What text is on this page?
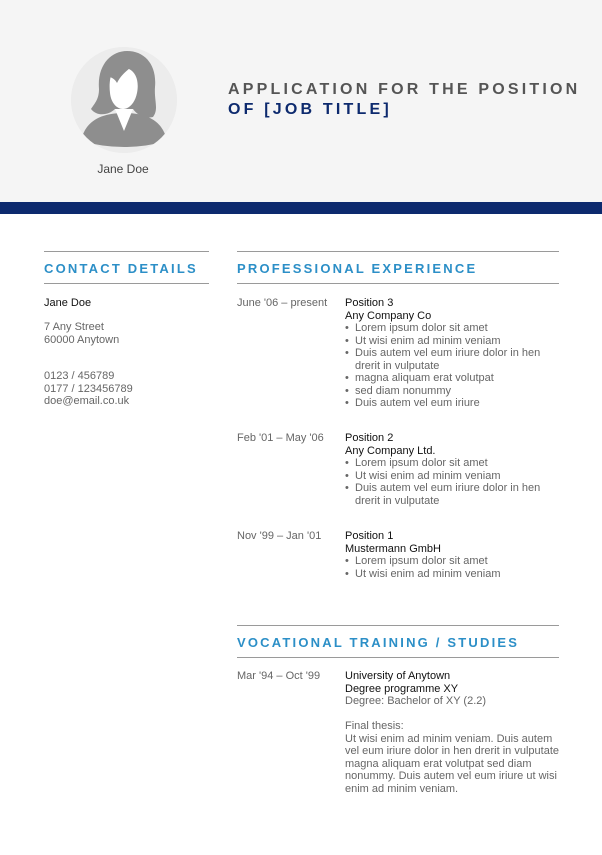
Jane Doe
APPLICATION FOR THE POSITION
OF [JOB TITLE]
CONTACT DETAILS
Jane Doe
7 Any Street
60000 Anytown
0123 / 456789
0177 / 123456789
doe@email.co.uk
PROFESSIONAL EXPERIENCE
June '06 – present Position 3
Any Company Co
• Lorem ipsum dolor sit amet
• Ut wisi enim ad minim veniam
• Duis autem vel eum iriure dolor in hen drerit in vulputate
• magna aliquam erat volutpat
• sed diam nonummy
• Duis autem vel eum iriure
Feb '01 – May '06 Position 2
Any Company Ltd.
• Lorem ipsum dolor sit amet
• Ut wisi enim ad minim veniam
• Duis autem vel eum iriure dolor in hen drerit in vulputate
Nov '99 – Jan '01 Position 1
Mustermann GmbH
• Lorem ipsum dolor sit amet
• Ut wisi enim ad minim veniam
VOCATIONAL TRAINING / STUDIES
Mar '94 – Oct '99 University of Anytown
Degree programme XY
Degree: Bachelor of XY (2.2)
Final thesis:
Ut wisi enim ad minim veniam. Duis autem vel eum iriure dolor in hen drerit in vulputate magna aliquam erat volutpat sed diam nonummy. Duis autem vel eum iriure ut wisi enim ad minim veniam.
